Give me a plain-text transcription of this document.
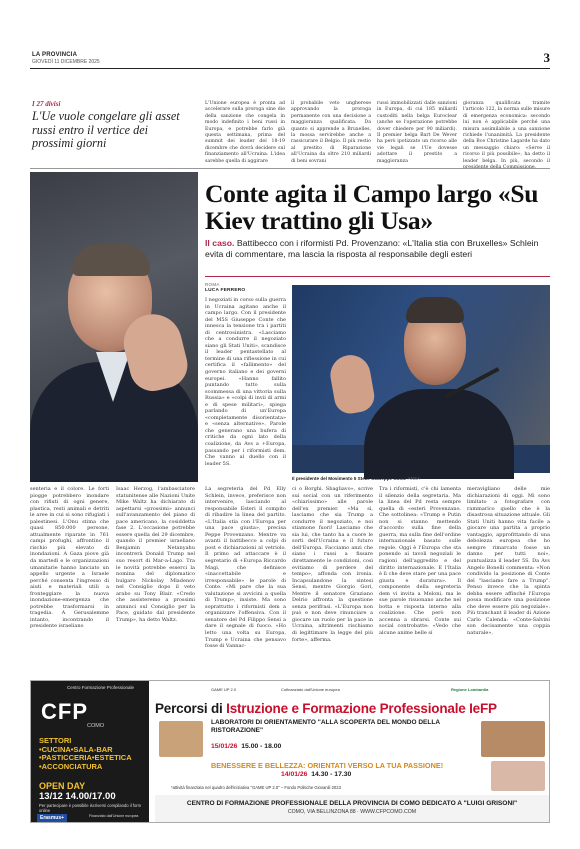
LA PROVINCIA
GIOVEDÌ 11 DICEMBRE 2025	3
I 27 divisi
L'Ue vuole congelare gli asset russi entro il vertice dei prossimi giorni
L'Unione europea è pronta ad accelerare sulla proroga sine die della sanzione che congela in modo indefinito i beni russi in Europa, e potrebbe farlo già questa settimana, prima del summit dei leader del 18-19 dicembre che dovrà decidere sul finanziamento all'Ucraina. L'idea sarebbe quella di aggirare
il probabile veto ungherese approvando la proroga permanente con una decisione a maggioranza qualificata. Da quanto si apprende a Bruxelles, la mossa servirebbe anche a rassicurare il Belgio. Il più restio al prestito di Riparazione all'Ucraina da oltre 210 miliardi di beni sovrani
russi immobilizzati dalle sanzioni in Europa, di cui 185 miliardi custoditi nella belga Euroclear (anche se l'operazione potrebbe dover chiedere per 90 miliardi). Il premier belga Bart De Wever ha però ipotizzato un ricorso alle vie legali se l'Ue dovesse adottare il prestito a maggioranza
gioranza qualificata tramite l'articolo 122, la norma sulle misure di emergenza economica: secondo lui non è applicabile perché una misura assimilabile a una sanzione richiede l'unanimità. La presidente della Bce Christine Lagarde ha dato un messaggio chiaro: «Serve il ricorso il più possibile», ha detto il leader belga. In più, secondo il presidente della Commissione.
Conte agita il Campo largo «Su Kiev trattino gli Usa»
Il caso. Battibecco con i riformisti Pd. Provenzano: «L'Italia stia con Bruxelles» Schlein evita di commentare, ma lascia la risposta al responsabile degli esteri
ROMA
LUCA FERRERO
I negoziati in corso sulla guerra in Ucraina agitano anche il campo largo. Con il presidente del M5S Giuseppe Conte che innesca la tensione tra i partiti di centrosinistra. «Lasciamo che a condurre il negoziato siano gli Stati Uniti», scandisce il leader pentastellato al termine di una riflessione in cui certifica il «fallimento» del governo italiano e dei governi europei. «Hanno fallito puntando tutto sulla scommessa di una vittoria sulla Russia» e «colpi di invii di armi e di spese militari», spiega parlando di un'Europa «completamente disorientata» e «senza alternative». Parole che generano una bufera di critiche da ogni lato della coalizione, da Avs a +Europa, passando per i riformisti dem. Che vanno al duello con il leader 5S.
Il presidente del Movimento 5 Stelle Giuseppe Conte ANSA
senteria e il colore. Le forti piogge potrebbero inondare con rifiuti di ogni genere, plastica, resti animali e detriti le aree in cui si sono rifugiati i palestinesi. L'Onu stima che quasi 850.000 persone, attualmente riparate in 761 campi profughi, affrontino il rischio più elevato di inondazioni. A Gaza piove già da martedì e le organizzazioni umanitarie hanno lanciato un appello urgente a Israele perché consenta l'ingresso di aiuti e materiali utili a fronteggiare la nuova inondazione-emergenza che potrebbe trasformarsi in tragedia. A Gerusalemme intanto, incontrando il presidente israeliano
Isaac Herzog, l'ambasciatore statunitense alle Nazioni Unite Mike Waltz ha dichiarato di aspettarsi «prossimi» annunci sull'avanzamento del piano di pace americano, la cosiddetta fase 2. L'occasione potrebbe essere quella del 29 dicembre, quando il premier israeliano Benjamin Netanyahu incontrerà Donald Trump nel suo resort di Mar-a-Lago. Tra le novità potrebbe esserci la nomina del diplomatico bulgaro Nickolay Mladenov nel Consiglio dopo il veto arabo su Tony Blair. «Credo che assisteremo a prossimi annunci sul Consiglio per la Pace, guidato dal presidente Trump», ha detto Waltz.
La segreteria del Pd Elly Schlein, invece, preferisce non intervenire, lasciando al responsabile Esteri il compito di ribadire la linea del partito. «L'Italia stia con l'Europa per una pace giusta», precisa Peppe Provenzano. Mentre va avanti il battibecco a colpi di post e dichiarazioni al vetriolo. Il primo ad attaccare è il segretario di +Europa Riccardo Magi, che definisce «inaccettabile e irresponsabile» le parole di Conte. «Mi pare che la sua valutazione si avvicini a quella di Trump», insiste. Ma sono soprattutto i riformisti dem a organizzare l'offensiva. Con il senatore del Pd Filippo Sensi a dare il segnale di fuoco. «Ho letto una volta su Europa, Trump e Ucraina che pensavo fosse di Vannac-
ci o Borghi. Sbagliavo», scrive sui social con un riferimento «chiarissimo» alle parole dell'ex premier. «Ma sì, lasciamo che sia Trump a condurre il negoziato, e noi stiamone fuori! Lasciamo che sia lui, che tanto ha a cuore le sorti dell'Ucraina e il futuro dell'Europa. Facciamo anzi che siano i russi a fissare direttamente le condizioni, così evitiamo di perdere del tempo», affonda con ironia. Incapsulandone la sintesi Sensi, mentre Giorgio Gori, Mentre il senatore Graziano Delrio affronta la questione senza perifrasi. «L'Europa non può e non deve rinunciare a giocare un ruolo per la pace in Ucraina, altrimenti rischiamo di legittimare la legge del più forte», afferma.
Tra i riformisti, c'è chi lamenta il silenzio della segretaria. Ma la linea del Pd resta sempre quella di «esteri Provenzano. Che sottolinea: «Trump e Putin non si stanno mettendo d'accordo sulla fine della guerra, ma sulla fine dell'ordine internazionale basato sulle regole. Oggi è l'Europa che sta ponendo ai tavoli negoziali le ragioni dell'aggredito e del diritto internazionale. E l'Italia è lì che deve stare per una pace giusta e duratura». Il componente della segreteria dem vi invita a Meloni, ma le sue parole risuonano anche nel botta e risposta interno alla coalizione. Che però non accenna a sbrarsi. Conte sui social controbatte: «Vedo che alcune anime belle si
meravigliano delle mie dichiarazioni di oggi. Mi sono limitato a fotografare con rammarico quello che è la disastrosa situazione attuale. Gli Stati Uniti hanno vita facile a giocare una partita a proprio vantaggio, approfittando di una debolezza europea che ho sempre rimarcato fosse un danno per tutti noi», puntualizza il leader 5S. Da Avs Angelo Bonelli commenta: «Non condivido la posizione di Conte del "lasciamo fare a Trump". Penso invece che la spinta debba essere affinché l'Europa possa modificare una posizione che deve essere più negoziale». Più tranchant il leader di Azione Carlo Calenda: «Conte-Salvini son decisamente una coppia naturale»,
Centro Formazione Professionale
CFP
COMO
SETTORI
•CUCINA•SALA-BAR
•PASTICCERIA•ESTETICA
•ACCONCIATURA
OPEN DAY
13/12 14.00/17.00
Per partecipare è possibile iscriversi compilando il form online
Erasmus+	Finanziato dall'Unione europea
GAME UP 2.0	Cofinanziato dall'Unione europea	Regione Lombardia
Percorsi di Istruzione e Formazione Professionale IeFP
LABORATORI DI ORIENTAMENTO "ALLA SCOPERTA DEL MONDO DELLA RISTORAZIONE"
15/01/26 15.00 - 18.00
BENESSERE E BELLEZZA: ORIENTATI VERSO LA TUA PASSIONE!
14/01/26 14.30 - 17.30
*attività finanziata nel quadro dell'iniziativa "GAME UP 2.0" – Fondo Politiche Giovanili 2023
CENTRO DI FORMAZIONE PROFESSIONALE DELLA PROVINCIA DI COMO DEDICATO A "LUIGI GRISONI"
COMO, VIA BELLINZONA 88 · WWW.CFPCOMO.COM
